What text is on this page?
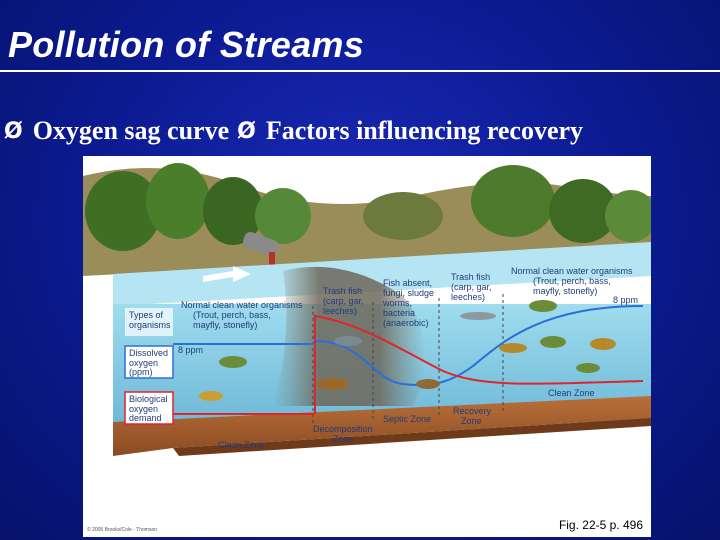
Pollution of Streams
Ø Oxygen sag curve Ø Factors influencing recovery
Types of
organisms
Dissolved
oxygen
(ppm)
Biological
oxygen
demand
8 ppm
8 ppm
Normal clean water organisms
(Trout, perch, bass,
mayfly, stonefly)
Trash fish
(carp, gar,
leeches)
Fish absent,
fungi, sludge
worms,
bacteria
(anaerobic)
Trash fish
(carp, gar,
leeches)
Normal clean water organisms
(Trout, perch, bass,
mayfly, stonefly)
Clean Zone
Decomposition
Zone
Septic Zone
Recovery
Zone
Clean Zone
© 2005 Brooks/Cole - Thomson	Fig. 22-5 p. 496
